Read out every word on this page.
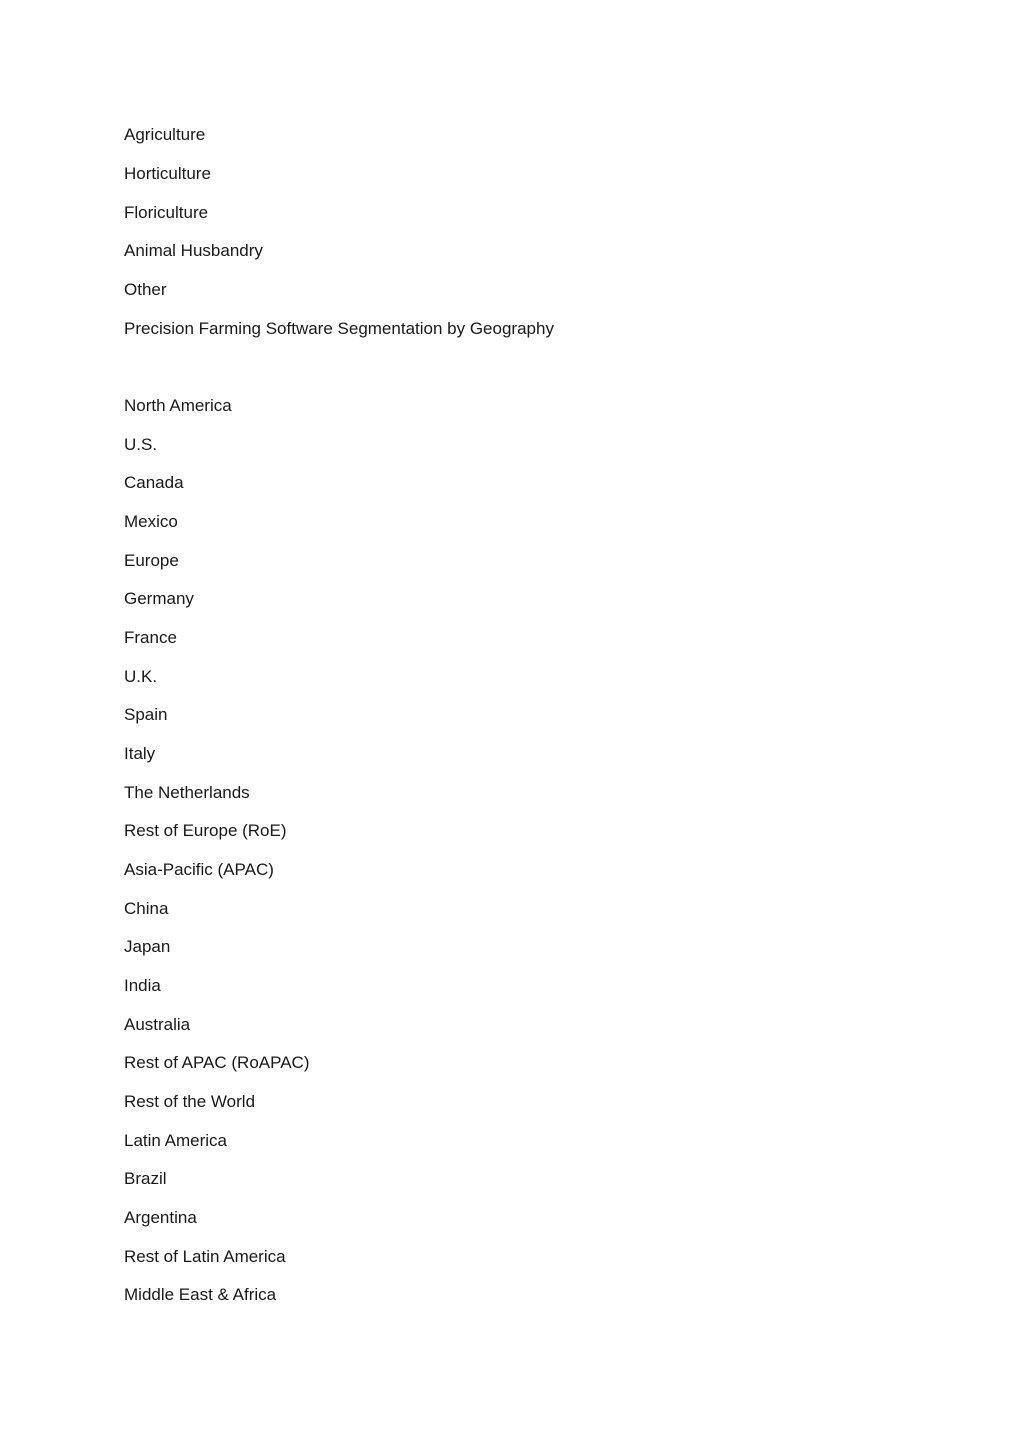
Agriculture

Horticulture

Floriculture

Animal Husbandry

Other

Precision Farming Software Segmentation by Geography

North America

U.S.

Canada

Mexico

Europe

Germany

France

U.K.

Spain

Italy

The Netherlands

Rest of Europe (RoE)

Asia-Pacific (APAC)

China

Japan

India

Australia

Rest of APAC (RoAPAC)

Rest of the World

Latin America

Brazil

Argentina

Rest of Latin America

Middle East & Africa
